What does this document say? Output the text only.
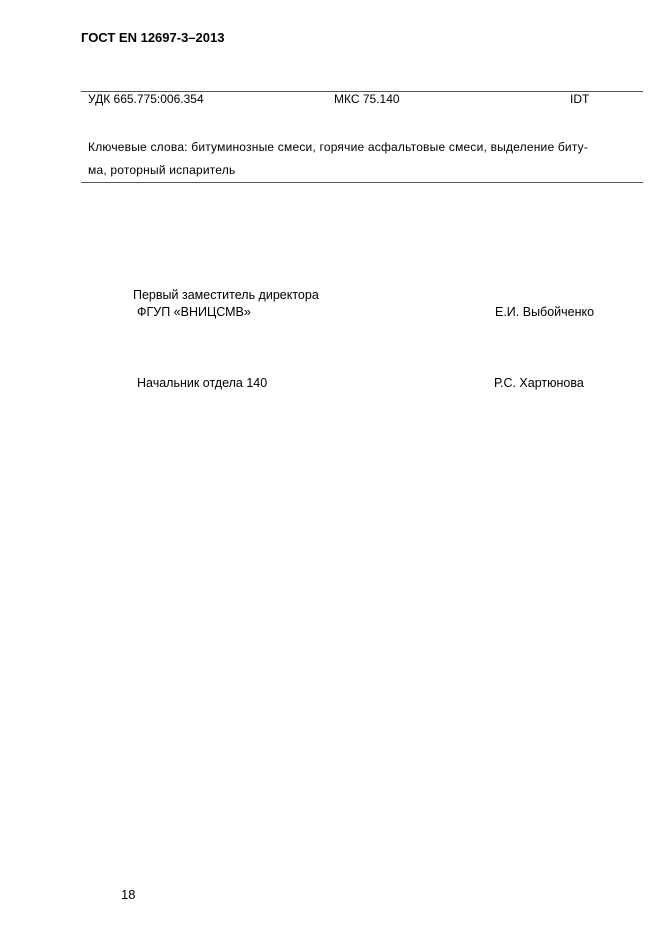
ГОСТ EN 12697-3–2013
УДК 665.775:006.354	МКС 75.140	IDT
Ключевые слова: битуминозные смеси, горячие асфальтовые смеси, выделение биту-
ма, роторный испаритель
Первый заместитель директора
ФГУП «ВНИЦСМВ»	Е.И. Выбойченко
Начальник отдела 140	Р.С. Хартюнова
18
